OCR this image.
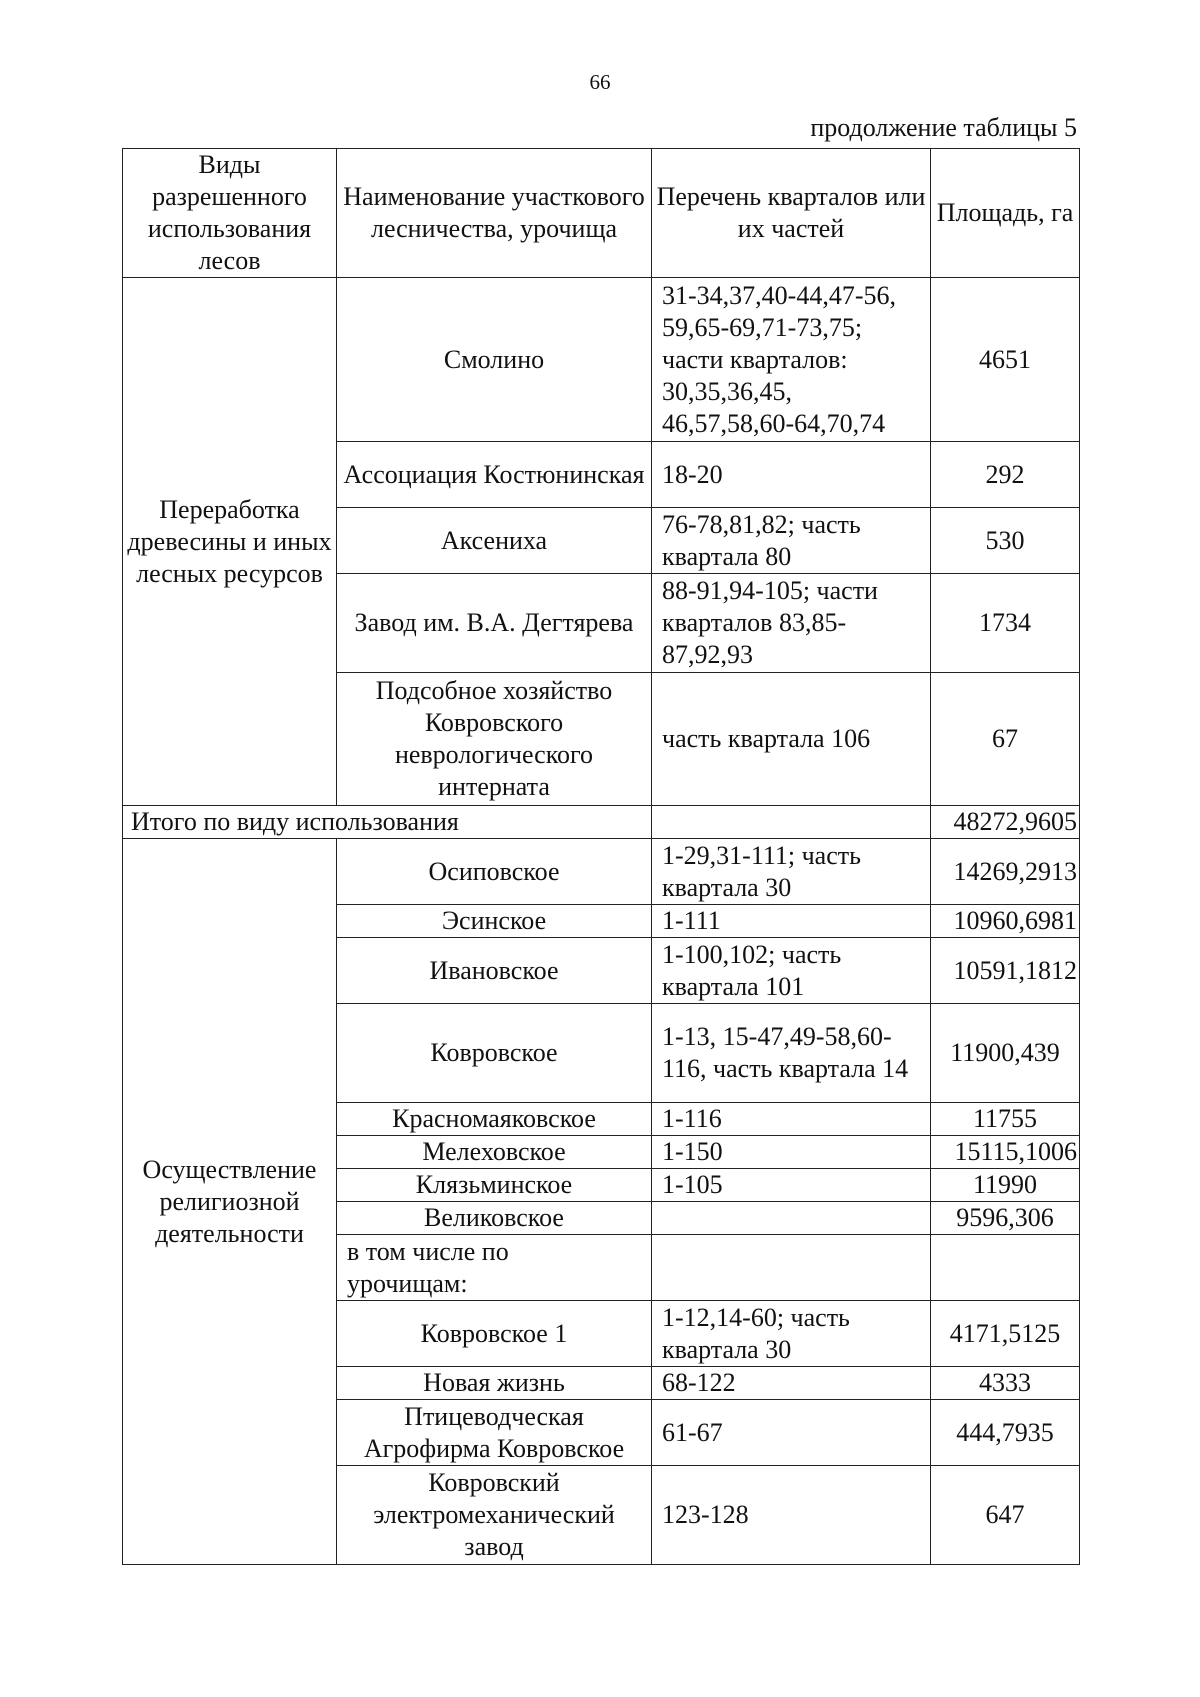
66
продолжение таблицы 5
Виды разрешенного использования лесов	Наименование участкового лесничества, урочища	Перечень кварталов или их частей	Площадь, га
Переработка древесины и иных лесных ресурсов	Смолино	31-34,37,40-44,47-56, 59,65-69,71-73,75; части кварталов: 30,35,36,45, 46,57,58,60-64,70,74	4651
	Ассоциация Костюнинская	18-20	292
	Аксениха	76-78,81,82; часть квартала 80	530
	Завод им. В.А. Дегтярева	88-91,94-105; части кварталов 83,85-87,92,93	1734
	Подсобное хозяйство Ковровского неврологического интерната	часть квартала 106	67
Итого по виду использования			48272,9605
Осуществление религиозной деятельности	Осиповское	1-29,31-111; часть квартала 30	14269,2913
	Эсинское	1-111	10960,6981
	Ивановское	1-100,102; часть квартала 101	10591,1812
	Ковровское	1-13, 15-47,49-58,60-116, часть квартала 14	11900,439
	Красномаяковское	1-116	11755
	Мелеховское	1-150	15115,1006
	Клязьминское	1-105	11990
	Великовское		9596,306
	в том числе по урочищам:		
	Ковровское 1	1-12,14-60; часть квартала 30	4171,5125
	Новая жизнь	68-122	4333
	Птицеводческая Агрофирма Ковровское	61-67	444,7935
	Ковровский электромеханический завод	123-128	647
